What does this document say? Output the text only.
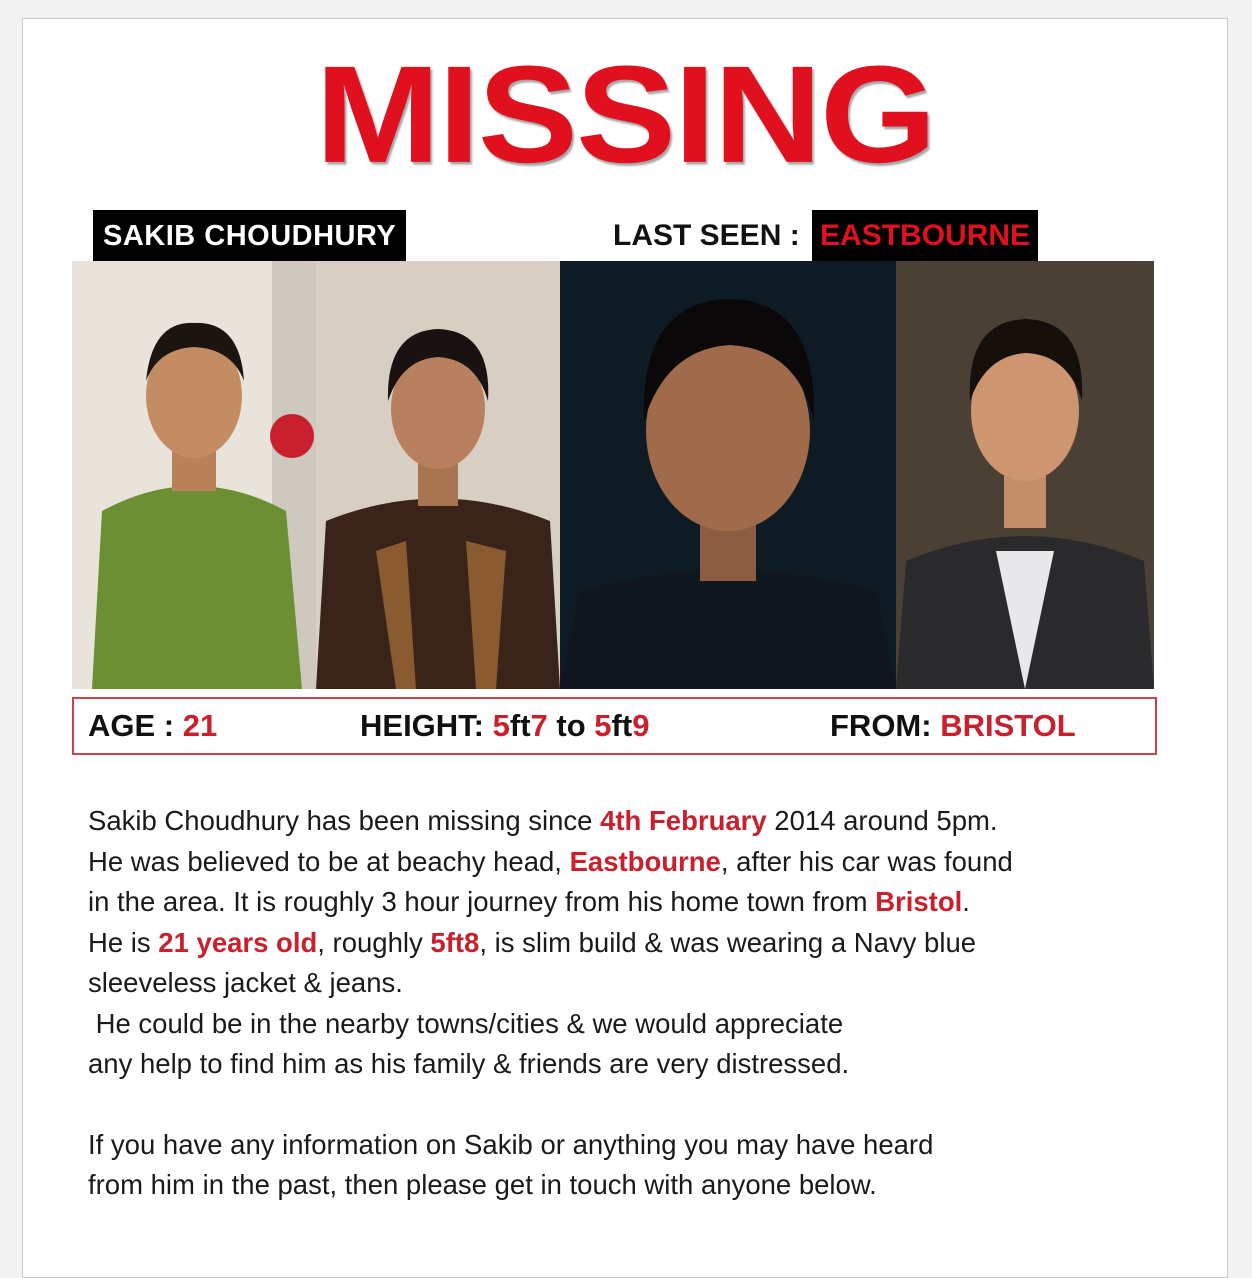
MISSING
SAKIB CHOUDHURY	LAST SEEN : EASTBOURNE
AGE : 21	HEIGHT: 5ft7 to 5ft9	FROM: BRISTOL

Sakib Choudhury has been missing since 4th February 2014 around 5pm.

He was believed to be at beachy head, Eastbourne, after his car was found

in the area. It is roughly 3 hour journey from his home town from Bristol.

He is 21 years old, roughly 5ft8, is slim build & was wearing a Navy blue

sleeveless jacket & jeans.

He could be in the nearby towns/cities & we would appreciate

any help to find him as his family & friends are very distressed.

If you have any information on Sakib or anything you may have heard

from him in the past, then please get in touch with anyone below.
